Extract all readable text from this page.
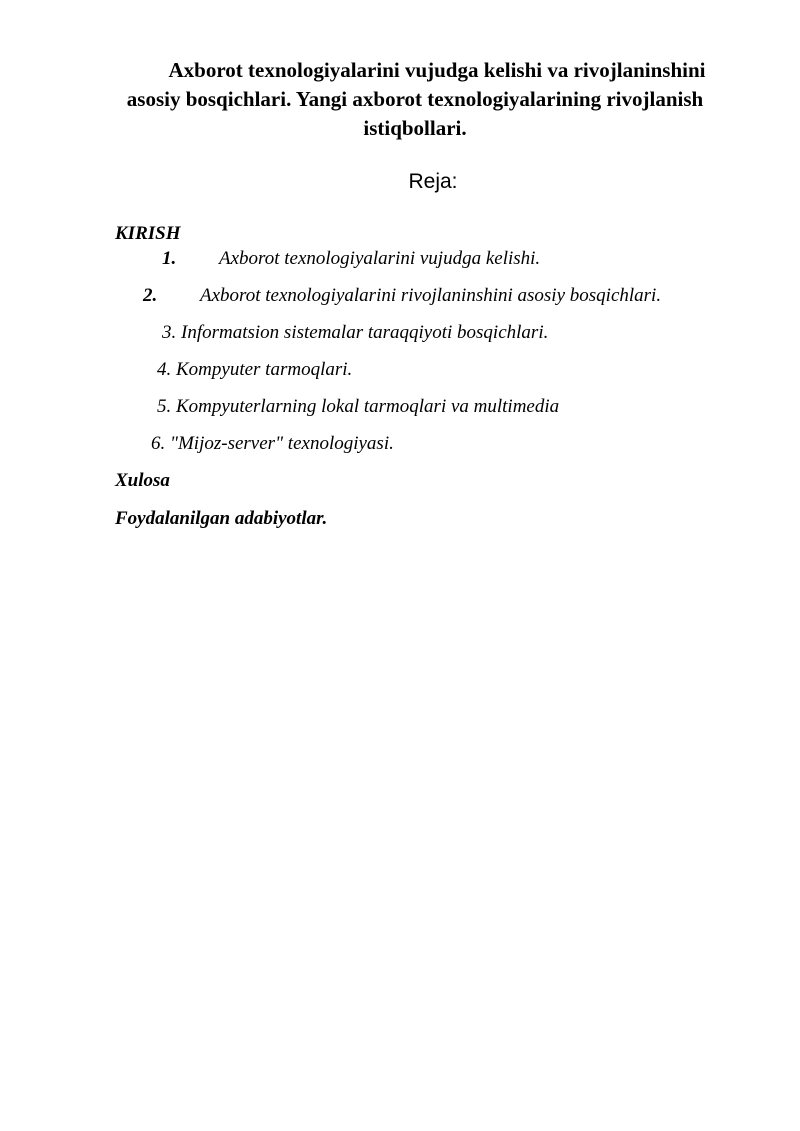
Axborot texnologiyalarini vujudga kelishi va rivojlaninshini
asosiy bosqichlari. Yangi axborot texnologiyalarining rivojlanish
istiqbollari.
Reja:
KIRISH
1. Axborot texnologiyalarini vujudga kelishi.
2. Axborot texnologiyalarini rivojlaninshini asosiy bosqichlari.
3. Informatsion sistemalar taraqqiyoti bosqichlari.
4. Kompyuter tarmoqlari.
5. Kompyuterlarning lokal tarmoqlari va multimedia
6. "Mijoz-server" texnologiyasi.
Xulosa
Foydalanilgan adabiyotlar.
